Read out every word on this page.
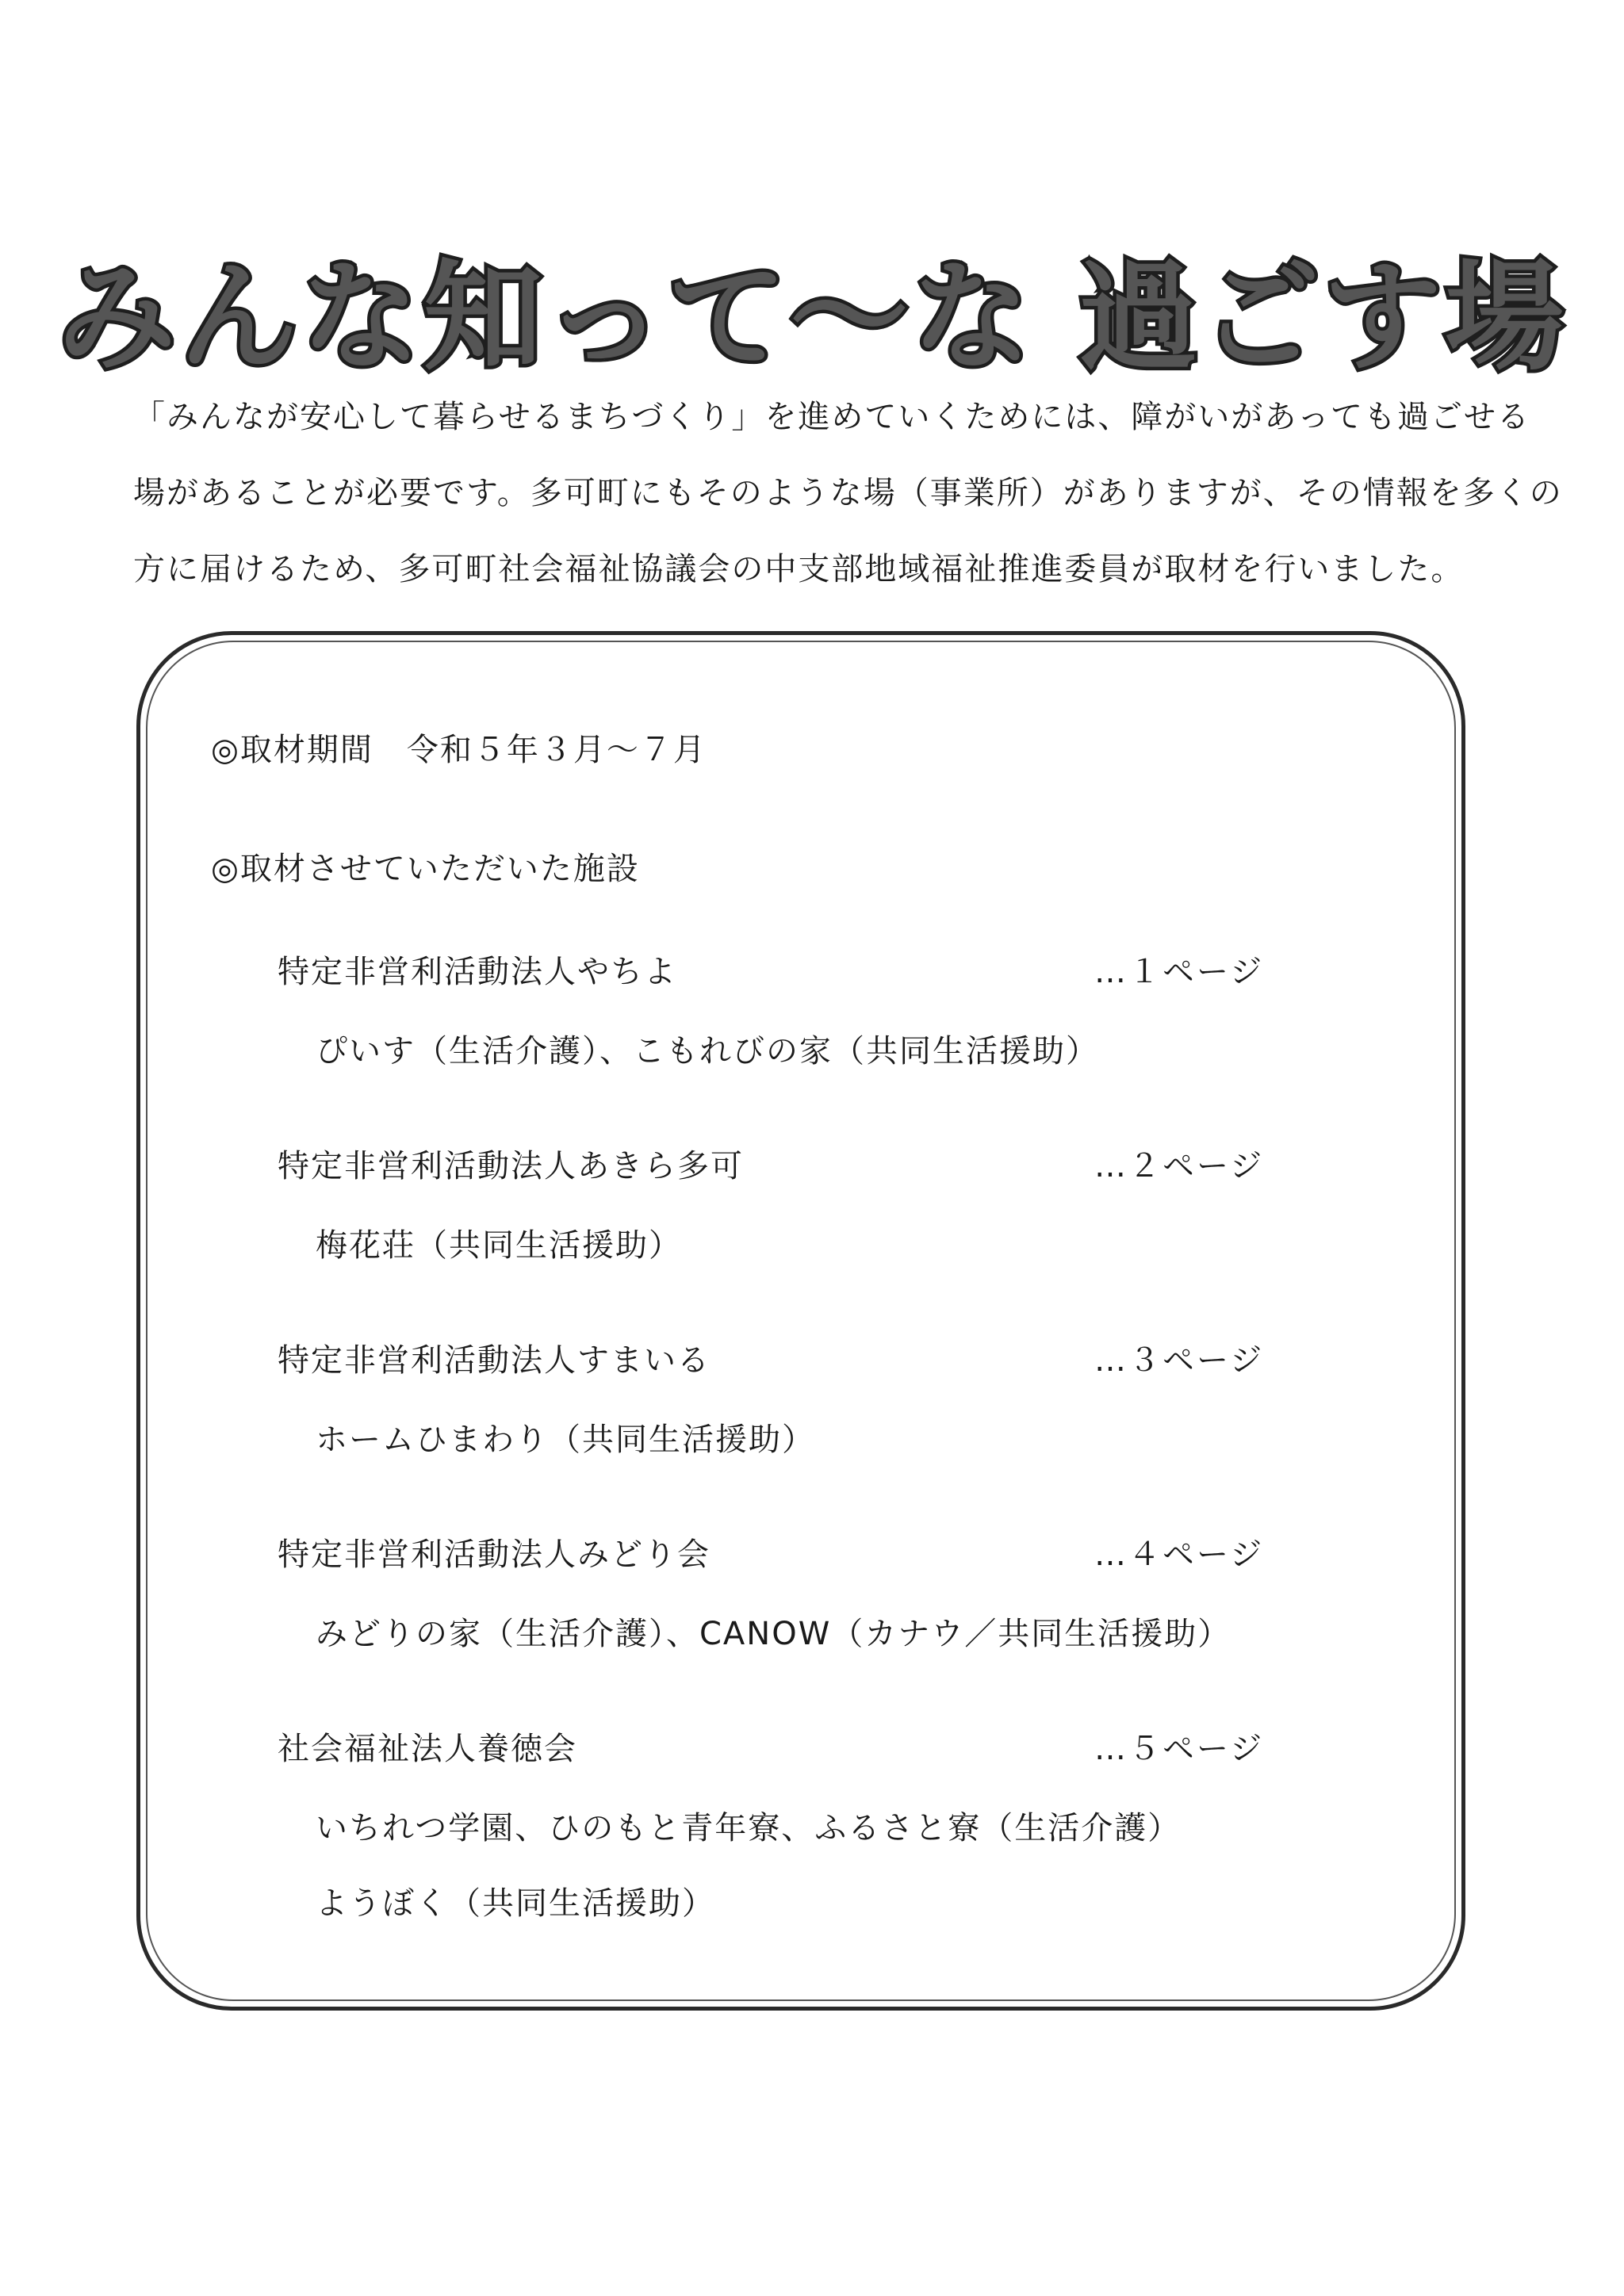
みんな知って～な 過ごす場

「みんなが安心して暮らせるまちづくり」を進めていくためには、障がいがあっても過ごせる

場があることが必要です。多可町にもそのような場（事業所）がありますが、その情報を多くの

方に届けるため、多可町社会福祉協議会の中支部地域福祉推進委員が取材を行いました。

◎取材期間　令和５年３月～７月
◎取材させていただいた施設
特定非営利活動法人やちよ	…１ページ
ぴいす（生活介護）、こもれびの家（共同生活援助）
特定非営利活動法人あきら多可	…２ページ
梅花荘（共同生活援助）
特定非営利活動法人すまいる	…３ページ
ホームひまわり（共同生活援助）
特定非営利活動法人みどり会	…４ページ
みどりの家（生活介護）、CANOW（カナウ／共同生活援助）
社会福祉法人養徳会	…５ページ
いちれつ学園、ひのもと青年寮、ふるさと寮（生活介護）
ようぼく（共同生活援助）
